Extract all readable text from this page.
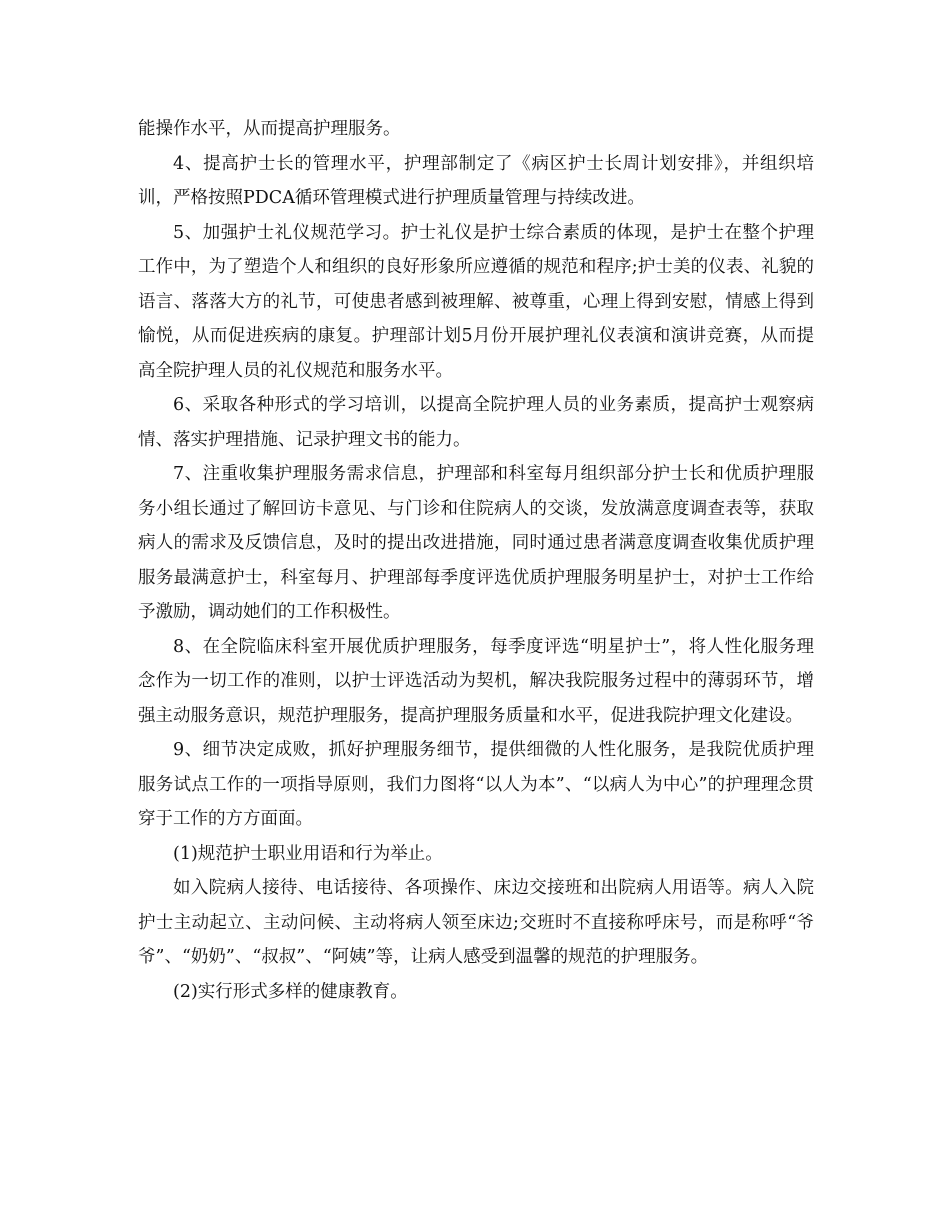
能操作水平，从而提高护理服务。

4、提高护士长的管理水平，护理部制定了《病区护士长周计划安排》，并组织培训，严格按照PDCA循环管理模式进行护理质量管理与持续改进。

5、加强护士礼仪规范学习。护士礼仪是护士综合素质的体现，是护士在整个护理工作中，为了塑造个人和组织的良好形象所应遵循的规范和程序;护士美的仪表、礼貌的语言、落落大方的礼节，可使患者感到被理解、被尊重，心理上得到安慰，情感上得到愉悦，从而促进疾病的康复。护理部计划5月份开展护理礼仪表演和演讲竞赛，从而提高全院护理人员的礼仪规范和服务水平。

6、采取各种形式的学习培训，以提高全院护理人员的业务素质，提高护士观察病情、落实护理措施、记录护理文书的能力。

7、注重收集护理服务需求信息，护理部和科室每月组织部分护士长和优质护理服务小组长通过了解回访卡意见、与门诊和住院病人的交谈，发放满意度调查表等，获取病人的需求及反馈信息，及时的提出改进措施，同时通过患者满意度调查收集优质护理服务最满意护士，科室每月、护理部每季度评选优质护理服务明星护士，对护士工作给予激励，调动她们的工作积极性。

8、在全院临床科室开展优质护理服务，每季度评选“明星护士”，将人性化服务理念作为一切工作的准则，以护士评选活动为契机，解决我院服务过程中的薄弱环节，增强主动服务意识，规范护理服务，提高护理服务质量和水平，促进我院护理文化建设。

9、细节决定成败，抓好护理服务细节，提供细微的人性化服务，是我院优质护理服务试点工作的一项指导原则，我们力图将“以人为本”、“以病人为中心”的护理理念贯穿于工作的方方面面。

(1)规范护士职业用语和行为举止。

如入院病人接待、电话接待、各项操作、床边交接班和出院病人用语等。病人入院护士主动起立、主动问候、主动将病人领至床边;交班时不直接称呼床号，而是称呼“爷爷”、“奶奶”、“叔叔”、“阿姨”等，让病人感受到温馨的规范的护理服务。

(2)实行形式多样的健康教育。
